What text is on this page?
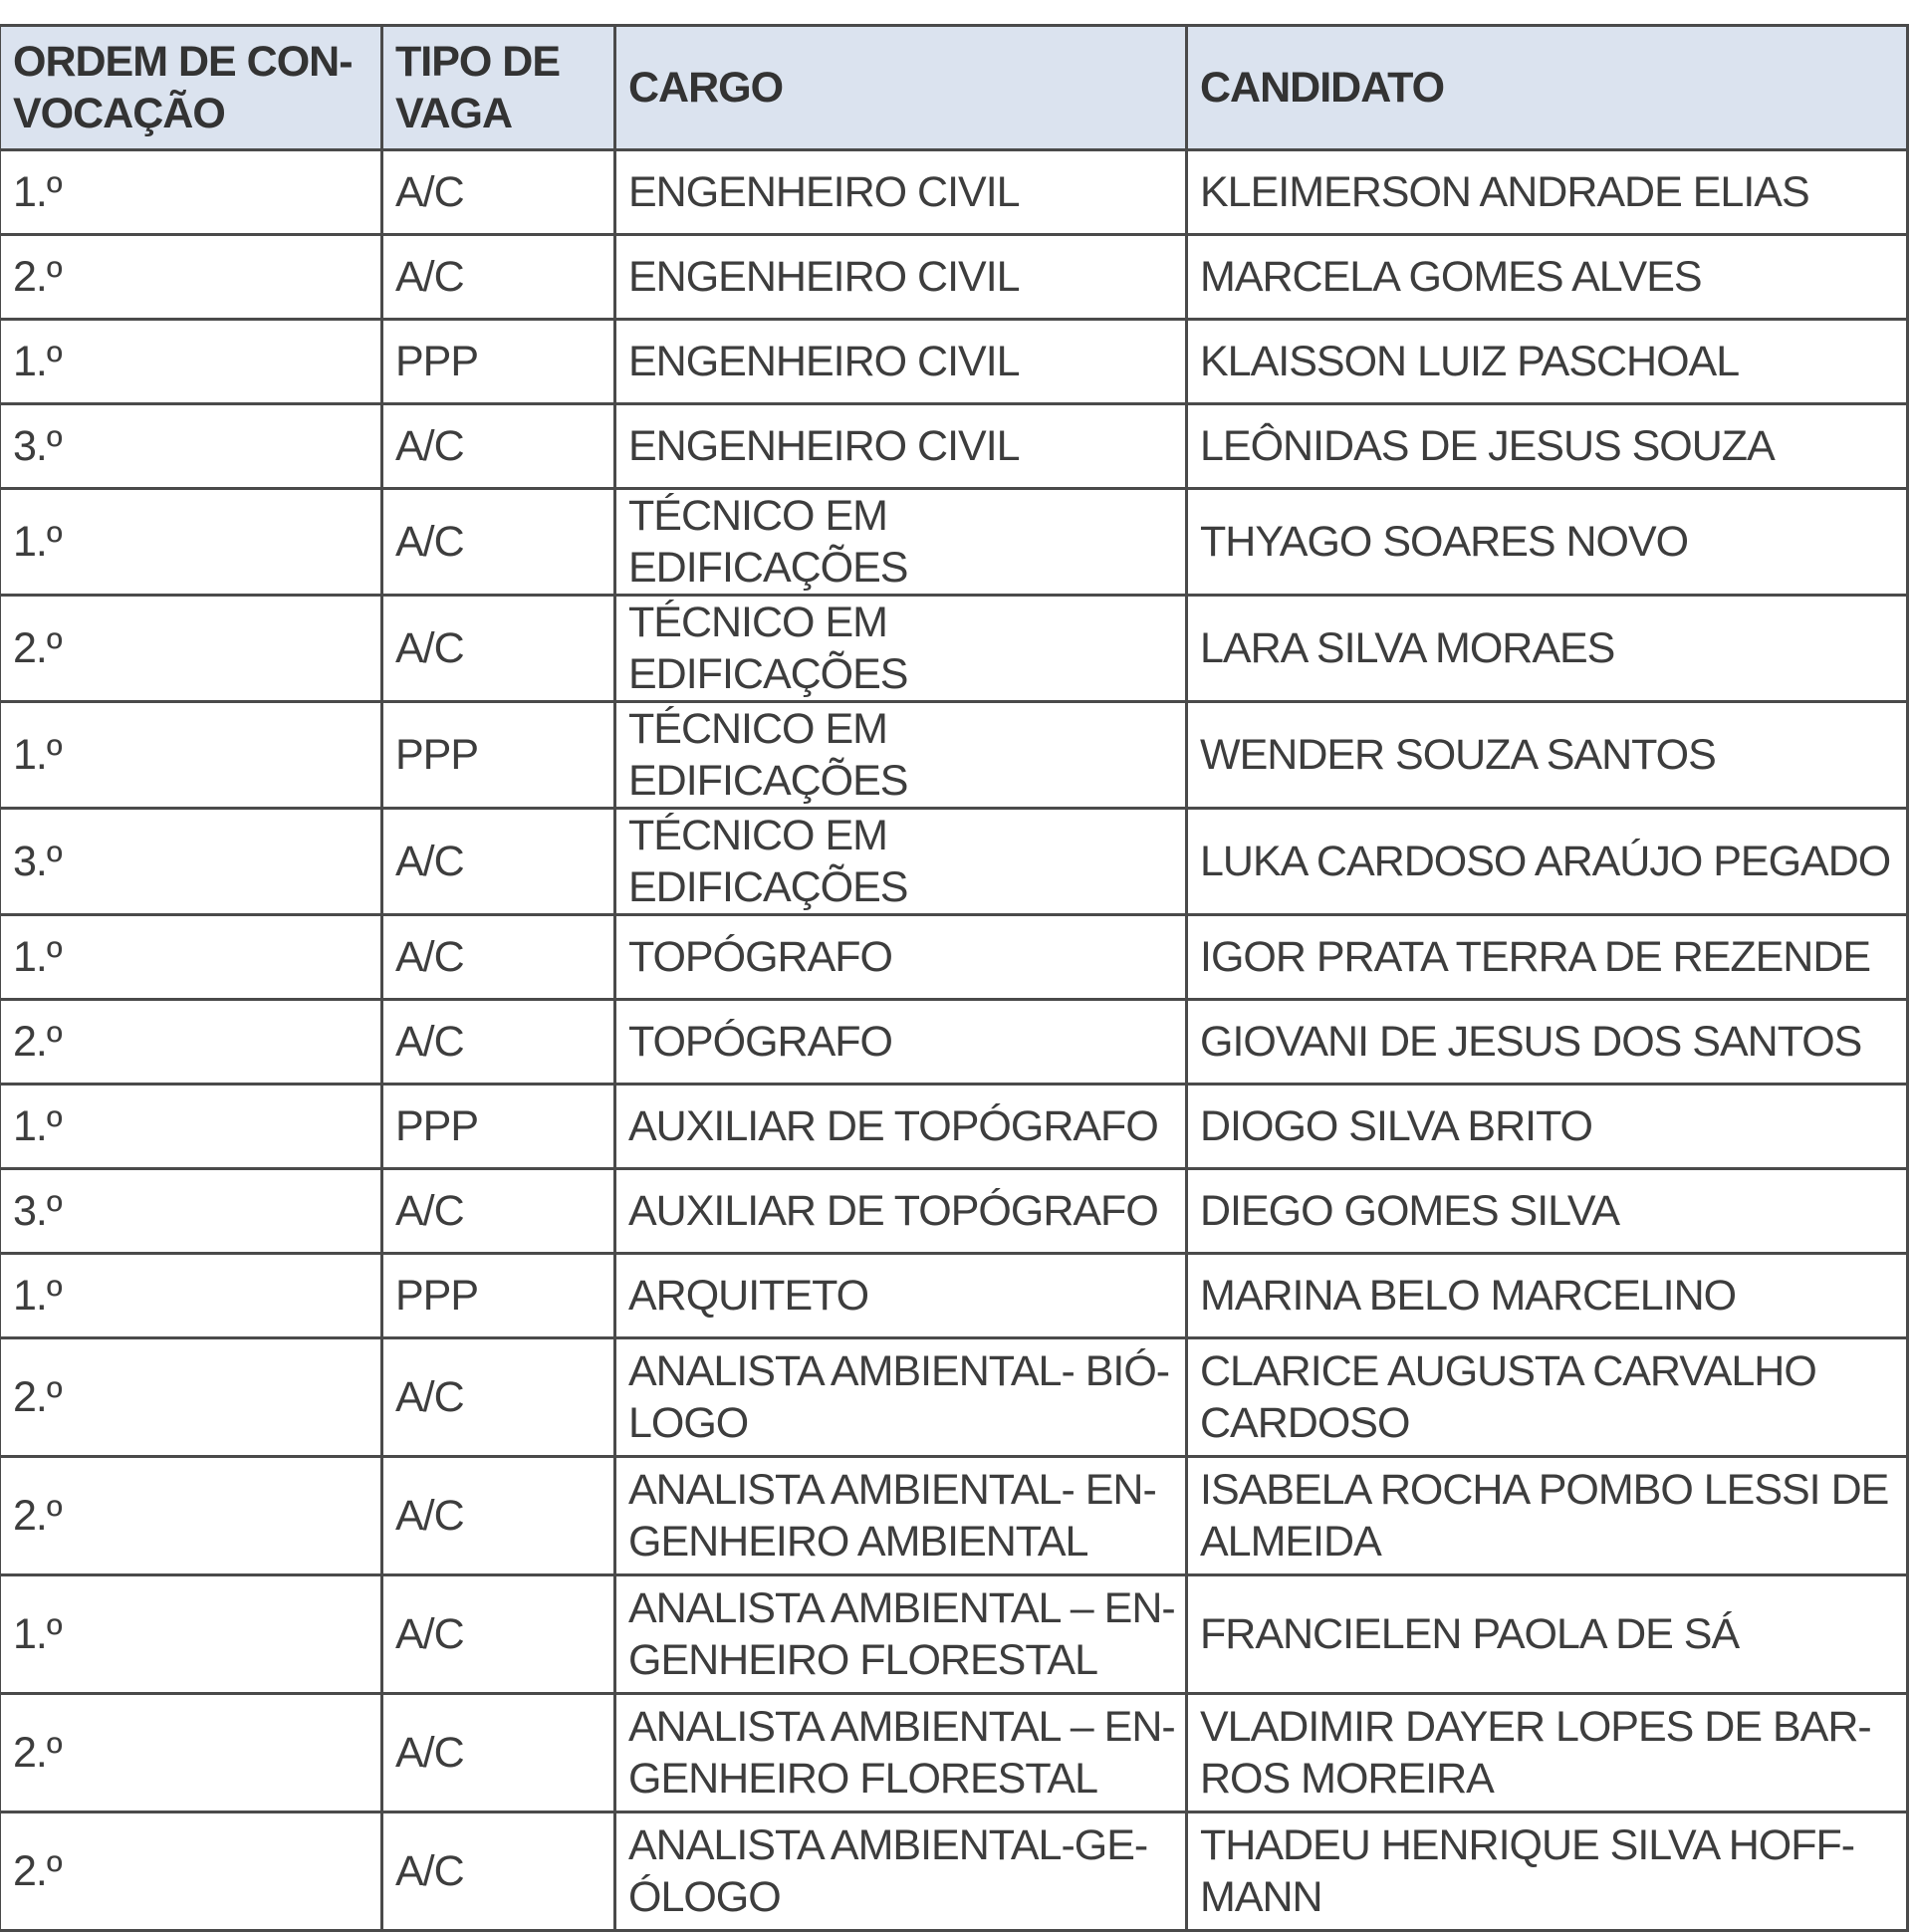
ORDEM DE CON-VOCAÇÃO	TIPO DE VAGA	CARGO	CANDIDATO
1.º	A/C	ENGENHEIRO CIVIL	KLEIMERSON ANDRADE ELIAS
2.º	A/C	ENGENHEIRO CIVIL	MARCELA GOMES ALVES
1.º	PPP	ENGENHEIRO CIVIL	KLAISSON LUIZ PASCHOAL
3.º	A/C	ENGENHEIRO CIVIL	LEÔNIDAS DE JESUS SOUZA
1.º	A/C	TÉCNICO EM EDIFICAÇÕES	THYAGO SOARES NOVO
2.º	A/C	TÉCNICO EM EDIFICAÇÕES	LARA SILVA MORAES
1.º	PPP	TÉCNICO EM EDIFICAÇÕES	WENDER SOUZA SANTOS
3.º	A/C	TÉCNICO EM EDIFICAÇÕES	LUKA CARDOSO ARAÚJO PEGADO
1.º	A/C	TOPÓGRAFO	IGOR PRATA TERRA DE REZENDE
2.º	A/C	TOPÓGRAFO	GIOVANI DE JESUS DOS SANTOS
1.º	PPP	AUXILIAR DE TOPÓGRAFO	DIOGO SILVA BRITO
3.º	A/C	AUXILIAR DE TOPÓGRAFO	DIEGO GOMES SILVA
1.º	PPP	ARQUITETO	MARINA BELO MARCELINO
2.º	A/C	ANALISTA AMBIENTAL- BIÓ-LOGO	CLARICE AUGUSTA CARVALHO CARDOSO
2.º	A/C	ANALISTA AMBIENTAL- EN-GENHEIRO AMBIENTAL	ISABELA ROCHA POMBO LESSI DE ALMEIDA
1.º	A/C	ANALISTA AMBIENTAL – EN-GENHEIRO FLORESTAL	FRANCIELEN PAOLA DE SÁ
2.º	A/C	ANALISTA AMBIENTAL – EN-GENHEIRO FLORESTAL	VLADIMIR DAYER LOPES DE BAR-ROS MOREIRA
2.º	A/C	ANALISTA AMBIENTAL-GE-ÓLOGO	THADEU HENRIQUE SILVA HOFF-MANN
